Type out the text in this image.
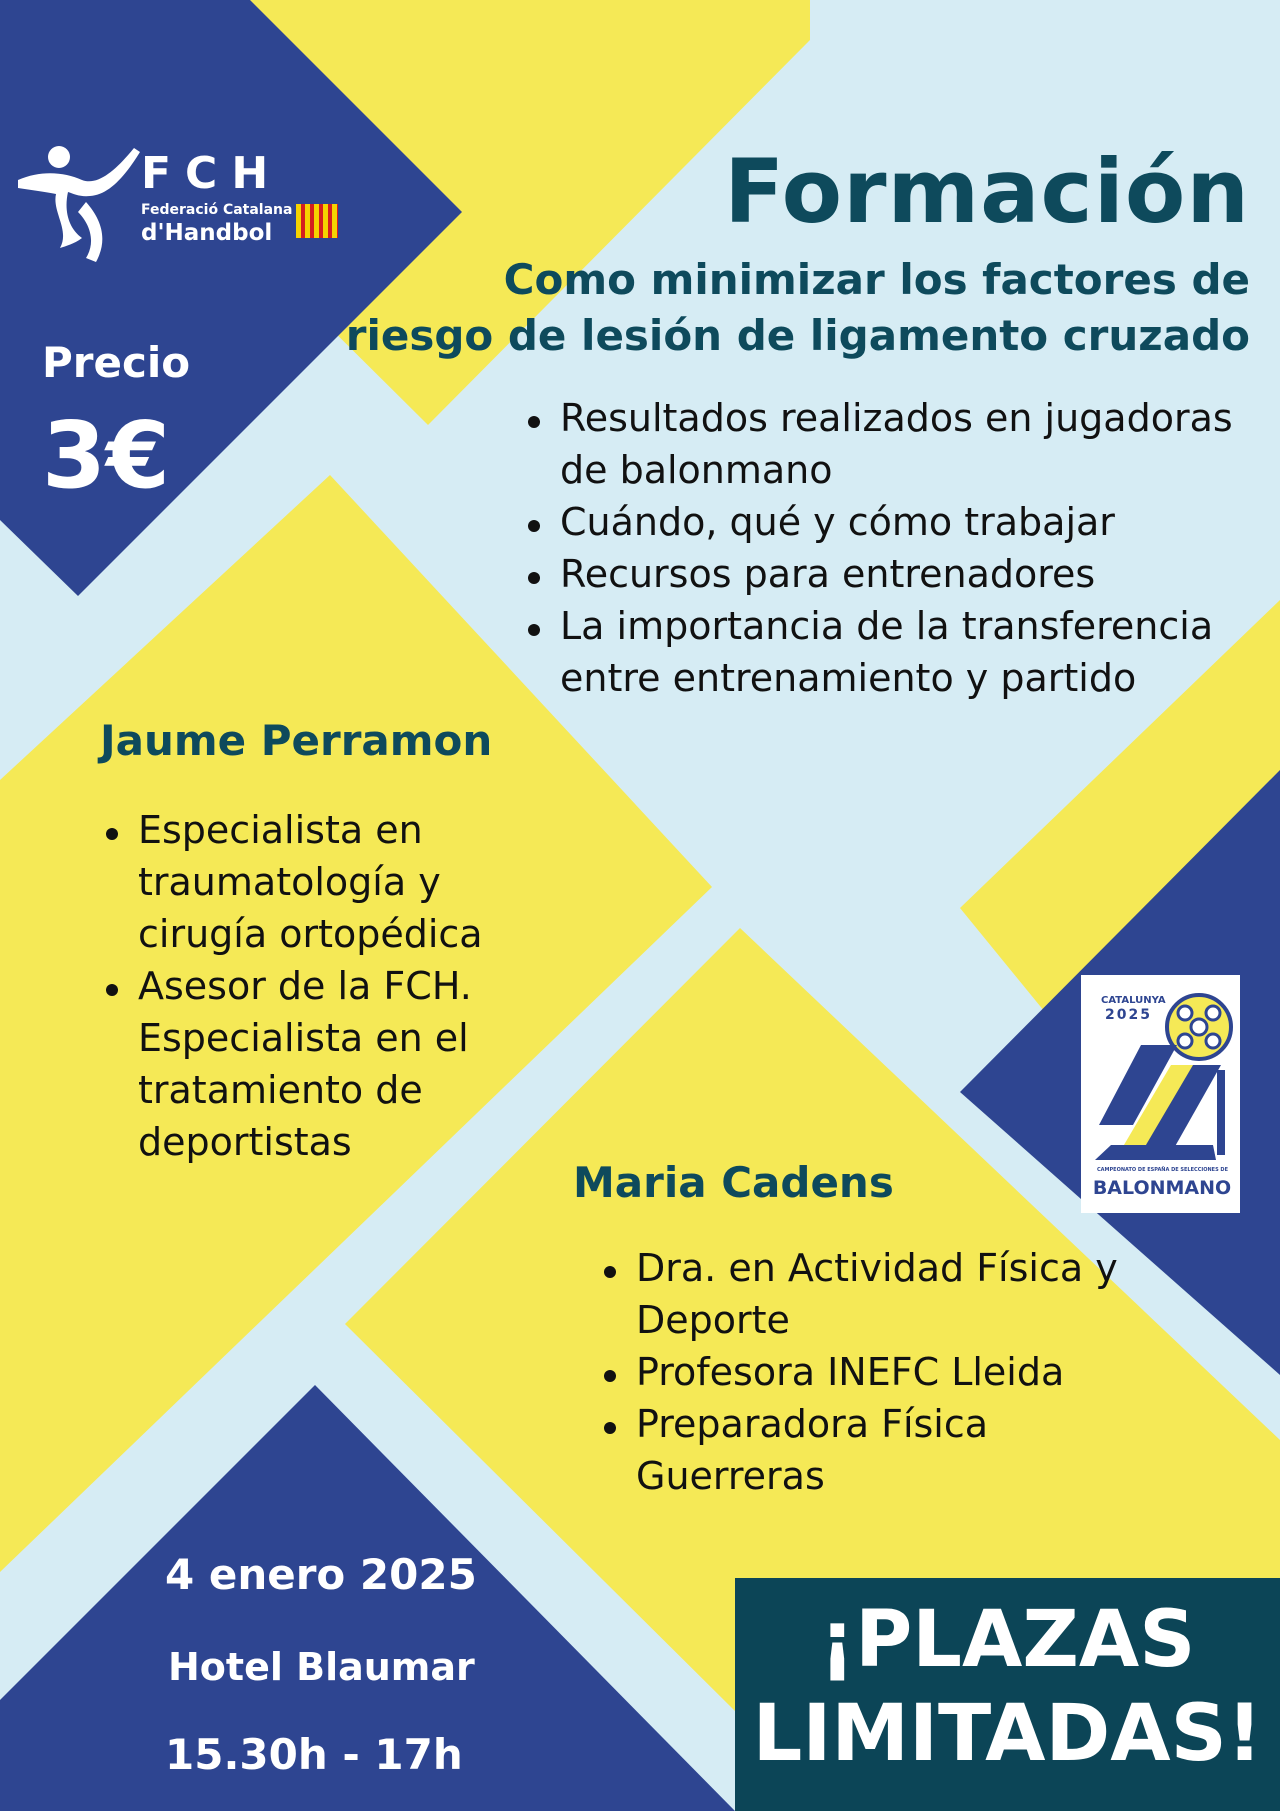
FCH
Federació Catalana
d'Handbol
Precio
3€
Formación
Como minimizar los factores de
riesgo de lesión de ligamento cruzado
Resultados realizados en jugadoras de balonmano
Cuándo, qué y cómo trabajar
Recursos para entrenadores
La importancia de la transferencia entre entrenamiento y partido
Jaume Perramon
Especialista en traumatología y cirugía ortopédica
Asesor de la FCH. Especialista en el tratamiento de deportistas
CATALUNYA
2025
CAMPEONATO DE ESPAÑA DE SELECCIONES DE
BALONMANO
Maria Cadens
Dra. en Actividad Física y Deporte
Profesora INEFC Lleida
Preparadora Física Guerreras
4 enero 2025
Hotel Blaumar
15.30h - 17h
¡PLAZAS
LIMITADAS!
